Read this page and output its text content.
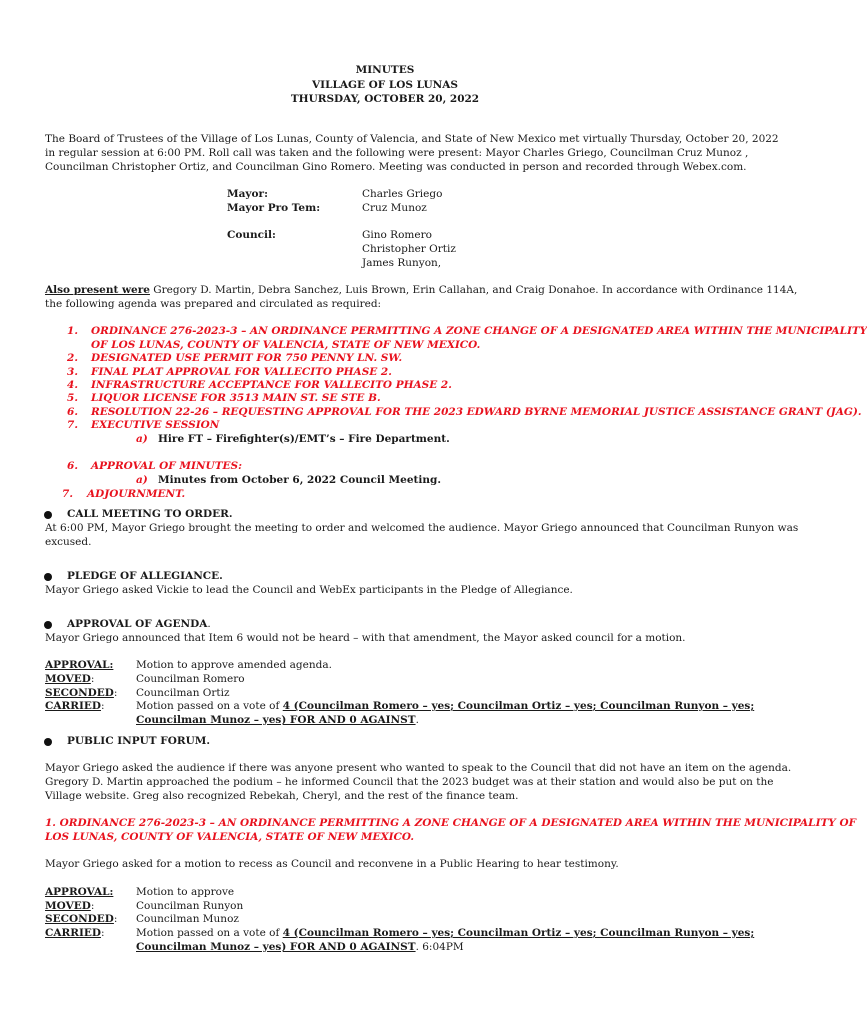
MINUTES
VILLAGE OF LOS LUNAS
THURSDAY, OCTOBER 20, 2022
The Board of Trustees of the Village of Los Lunas, County of Valencia, and State of New Mexico met virtually Thursday, October 20, 2022
in regular session at 6:00 PM. Roll call was taken and the following were present: Mayor Charles Griego, Councilman Cruz Munoz ,
Councilman Christopher Ortiz, and Councilman Gino Romero. Meeting was conducted in person and recorded through Webex.com.
Mayor:	Charles Griego
Mayor Pro Tem:	Cruz Munoz
Council:	Gino Romero
Christopher Ortiz
James Runyon,
Also present were Gregory D. Martin, Debra Sanchez, Luis Brown, Erin Callahan, and Craig Donahoe. In accordance with Ordinance 114A,
the following agenda was prepared and circulated as required:
1. ORDINANCE 276-2023-3 – AN ORDINANCE PERMITTING A ZONE CHANGE OF A DESIGNATED AREA WITHIN THE MUNICIPALITY
OF LOS LUNAS, COUNTY OF VALENCIA, STATE OF NEW MEXICO.
2. DESIGNATED USE PERMIT FOR 750 PENNY LN. SW.
3. FINAL PLAT APPROVAL FOR VALLECITO PHASE 2.
4. INFRASTRUCTURE ACCEPTANCE FOR VALLECITO PHASE 2.
5. LIQUOR LICENSE FOR 3513 MAIN ST. SE STE B.
6. RESOLUTION 22-26 – REQUESTING APPROVAL FOR THE 2023 EDWARD BYRNE MEMORIAL JUSTICE ASSISTANCE GRANT (JAG).
7. EXECUTIVE SESSION
a) Hire FT – Firefighter(s)/EMT’s – Fire Department.
6. APPROVAL OF MINUTES:
a) Minutes from October 6, 2022 Council Meeting.
7. ADJOURNMENT.
CALL MEETING TO ORDER.
At 6:00 PM, Mayor Griego brought the meeting to order and welcomed the audience. Mayor Griego announced that Councilman Runyon was
excused.
PLEDGE OF ALLEGIANCE.
Mayor Griego asked Vickie to lead the Council and WebEx participants in the Pledge of Allegiance.
APPROVAL OF AGENDA.
Mayor Griego announced that Item 6 would not be heard – with that amendment, the Mayor asked council for a motion.
APPROVAL: Motion to approve amended agenda.
MOVED:	Councilman Romero
SECONDED: Councilman Ortiz
CARRIED:	Motion passed on a vote of 4 (Councilman Romero – yes; Councilman Ortiz – yes; Councilman Runyon – yes;
Councilman Munoz – yes) FOR AND 0 AGAINST.
PUBLIC INPUT FORUM.
Mayor Griego asked the audience if there was anyone present who wanted to speak to the Council that did not have an item on the agenda.
Gregory D. Martin approached the podium – he informed Council that the 2023 budget was at their station and would also be put on the
Village website. Greg also recognized Rebekah, Cheryl, and the rest of the finance team.
1. ORDINANCE 276-2023-3 – AN ORDINANCE PERMITTING A ZONE CHANGE OF A DESIGNATED AREA WITHIN THE MUNICIPALITY OF
LOS LUNAS, COUNTY OF VALENCIA, STATE OF NEW MEXICO.
Mayor Griego asked for a motion to recess as Council and reconvene in a Public Hearing to hear testimony.
APPROVAL: Motion to approve
MOVED:	Councilman Runyon
SECONDED: Councilman Munoz
CARRIED:	Motion passed on a vote of 4 (Councilman Romero – yes; Councilman Ortiz – yes; Councilman Runyon – yes;
Councilman Munoz – yes) FOR AND 0 AGAINST. 6:04PM
